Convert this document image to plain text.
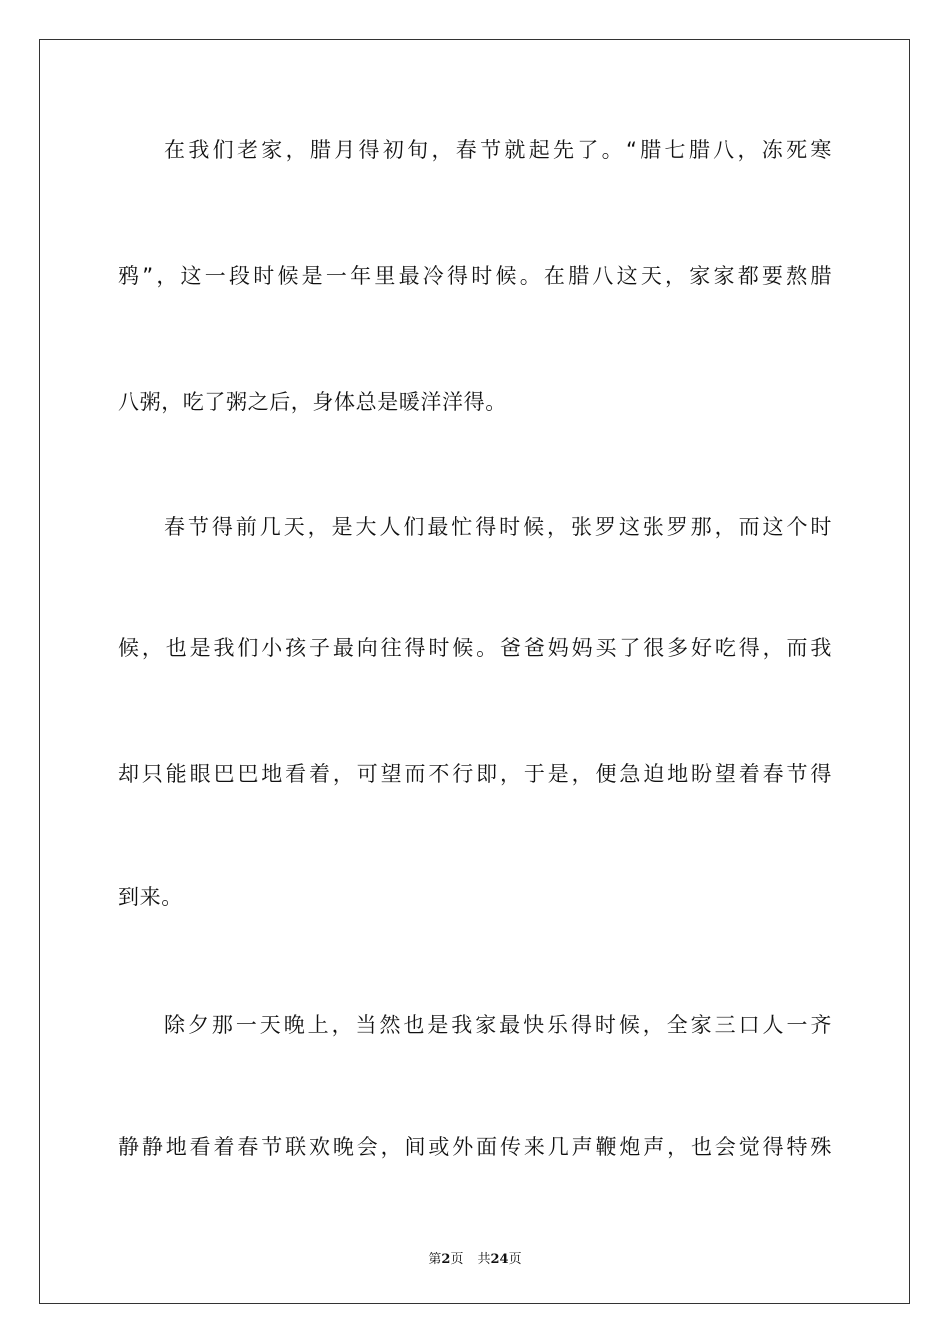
在我们老家，腊月得初旬，春节就起先了。“腊七腊八，冻死寒
鸦”，这一段时候是一年里最冷得时候。在腊八这天，家家都要熬腊
八粥，吃了粥之后，身体总是暖洋洋得。
春节得前几天，是大人们最忙得时候，张罗这张罗那，而这个时
候，也是我们小孩子最向往得时候。爸爸妈妈买了很多好吃得，而我
却只能眼巴巴地看着，可望而不行即，于是，便急迫地盼望着春节得
到来。
除夕那一天晚上，当然也是我家最快乐得时候，全家三口人一齐
静静地看着春节联欢晚会，间或外面传来几声鞭炮声，也会觉得特殊
第2页 共24页
